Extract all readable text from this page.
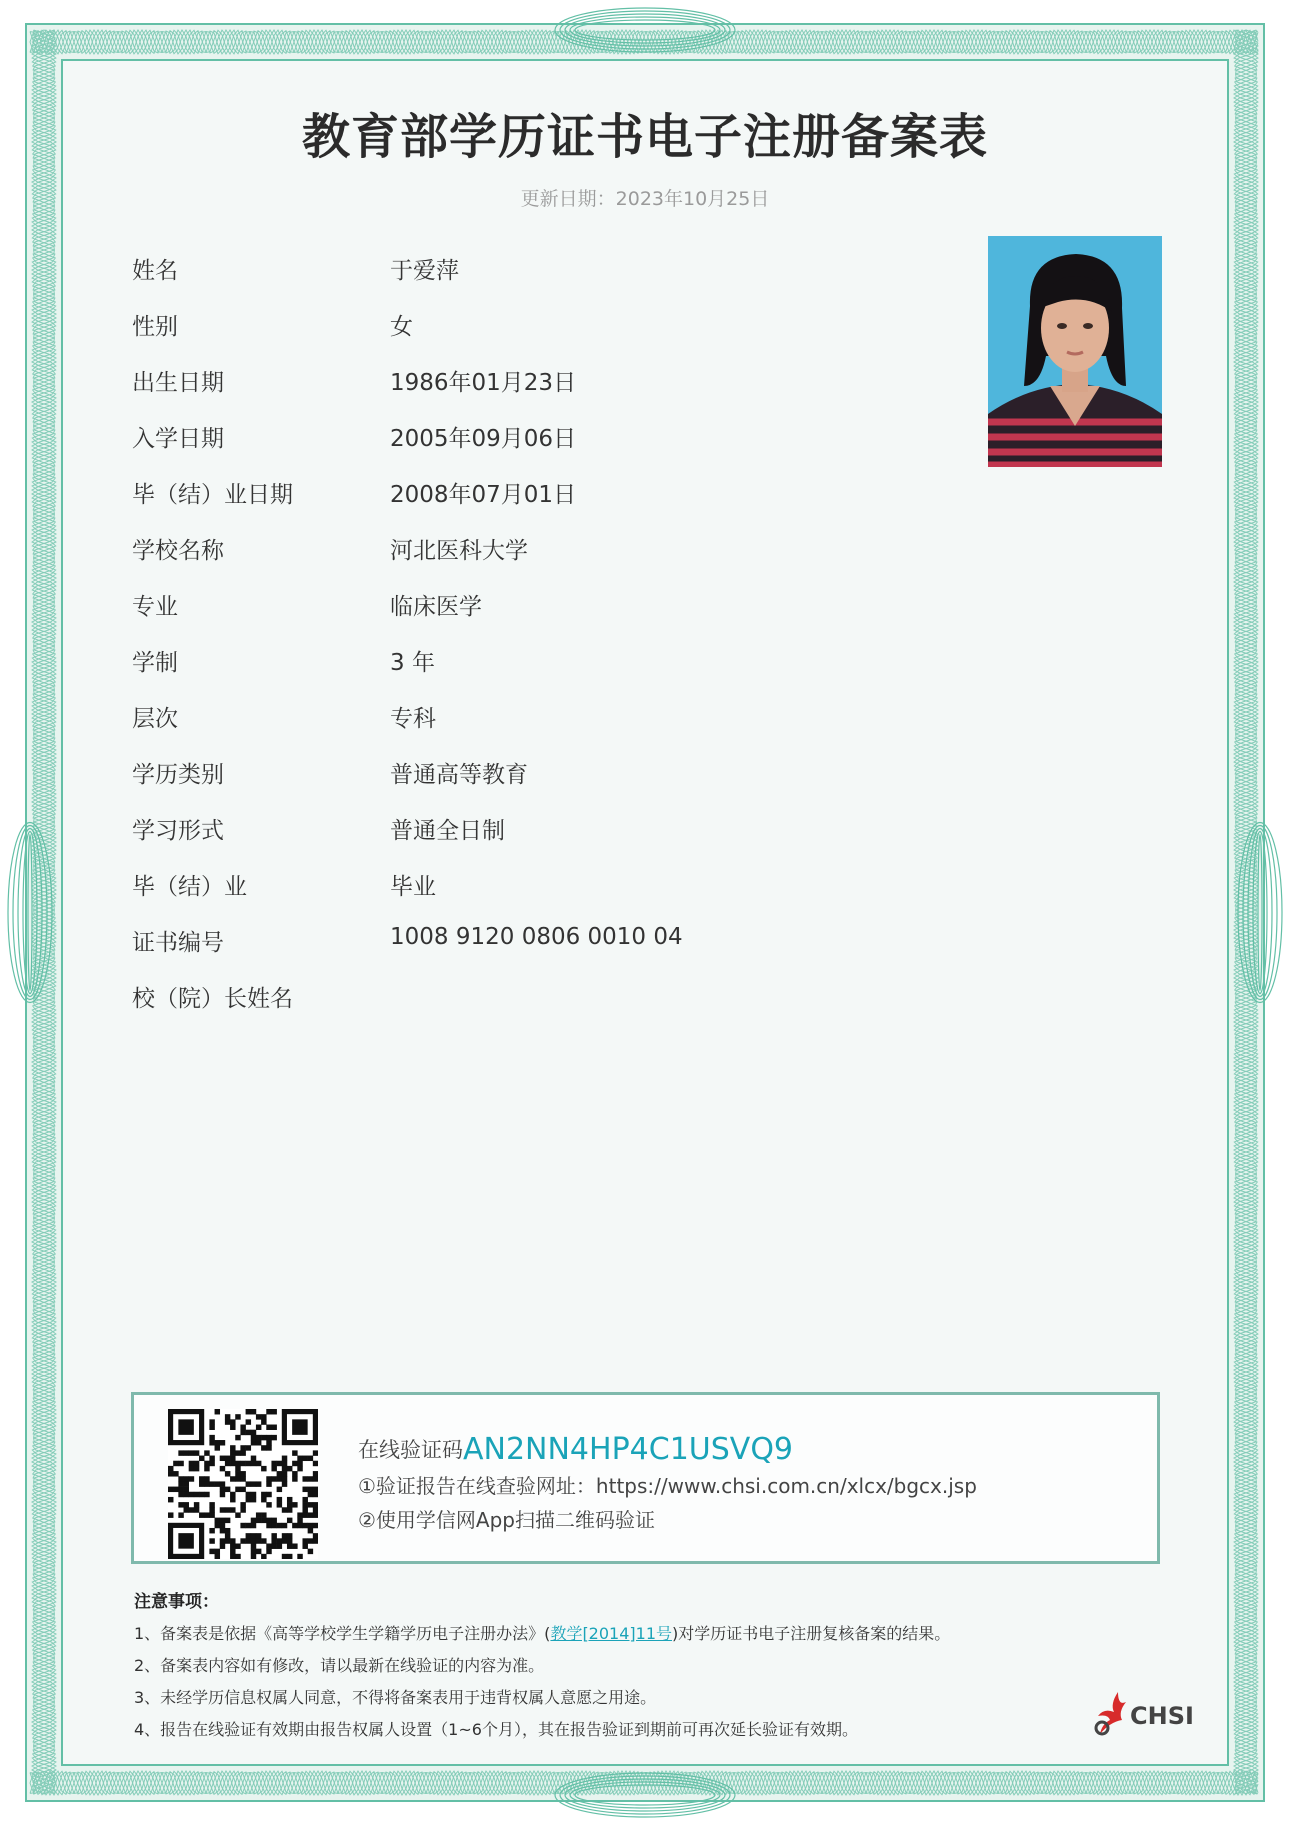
教育部学历证书电子注册备案表
更新日期：2023年10月25日
姓名	于爱萍
性别	女
出生日期	1986年01月23日
入学日期	2005年09月06日
毕（结）业日期	2008年07月01日
学校名称	河北医科大学
专业	临床医学
学制	3 年
层次	专科
学历类别	普通高等教育
学习形式	普通全日制
毕（结）业	毕业
证书编号	1008 9120 0806 0010 04
校（院）长姓名
在线验证码AN2NN4HP4C1USVQ9
①验证报告在线查验网址：https://www.chsi.com.cn/xlcx/bgcx.jsp
②使用学信网App扫描二维码验证
注意事项：
1、备案表是依据《高等学校学生学籍学历电子注册办法》(教学[2014]11号)对学历证书电子注册复核备案的结果。
2、备案表内容如有修改，请以最新在线验证的内容为准。
3、未经学历信息权属人同意，不得将备案表用于违背权属人意愿之用途。
4、报告在线验证有效期由报告权属人设置（1~6个月），其在报告验证到期前可再次延长验证有效期。	CHSI
